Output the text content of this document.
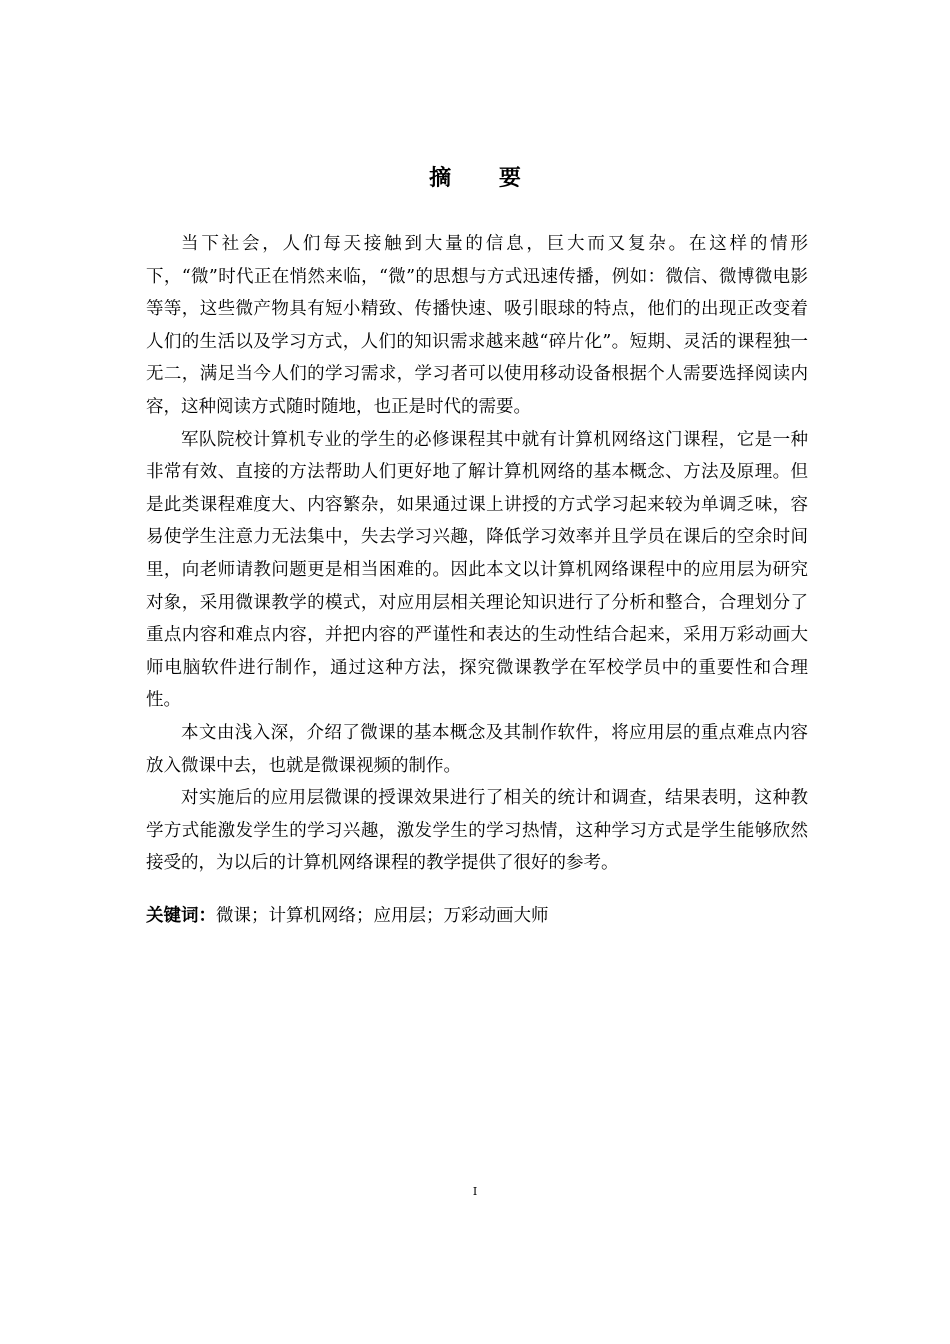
摘 要

当下社会，人们每天接触到大量的信息，巨大而又复杂。在这样的情形下，“微”时代正在悄然来临，“微”的思想与方式迅速传播，例如：微信、微博微电影等等，这些微产物具有短小精致、传播快速、吸引眼球的特点，他们的出现正改变着人们的生活以及学习方式，人们的知识需求越来越“碎片化”。短期、灵活的课程独一无二，满足当今人们的学习需求，学习者可以使用移动设备根据个人需要选择阅读内容，这种阅读方式随时随地，也正是时代的需要。

军队院校计算机专业的学生的必修课程其中就有计算机网络这门课程，它是一种非常有效、直接的方法帮助人们更好地了解计算机网络的基本概念、方法及原理。但是此类课程难度大、内容繁杂，如果通过课上讲授的方式学习起来较为单调乏味，容易使学生注意力无法集中，失去学习兴趣，降低学习效率并且学员在课后的空余时间里，向老师请教问题更是相当困难的。因此本文以计算机网络课程中的应用层为研究对象，采用微课教学的模式，对应用层相关理论知识进行了分析和整合，合理划分了重点内容和难点内容，并把内容的严谨性和表达的生动性结合起来，采用万彩动画大师电脑软件进行制作，通过这种方法，探究微课教学在军校学员中的重要性和合理性。

本文由浅入深，介绍了微课的基本概念及其制作软件，将应用层的重点难点内容放入微课中去，也就是微课视频的制作。

对实施后的应用层微课的授课效果进行了相关的统计和调查，结果表明，这种教学方式能激发学生的学习兴趣，激发学生的学习热情，这种学习方式是学生能够欣然接受的，为以后的计算机网络课程的教学提供了很好的参考。

关键词：微课；计算机网络；应用层；万彩动画大师
I
